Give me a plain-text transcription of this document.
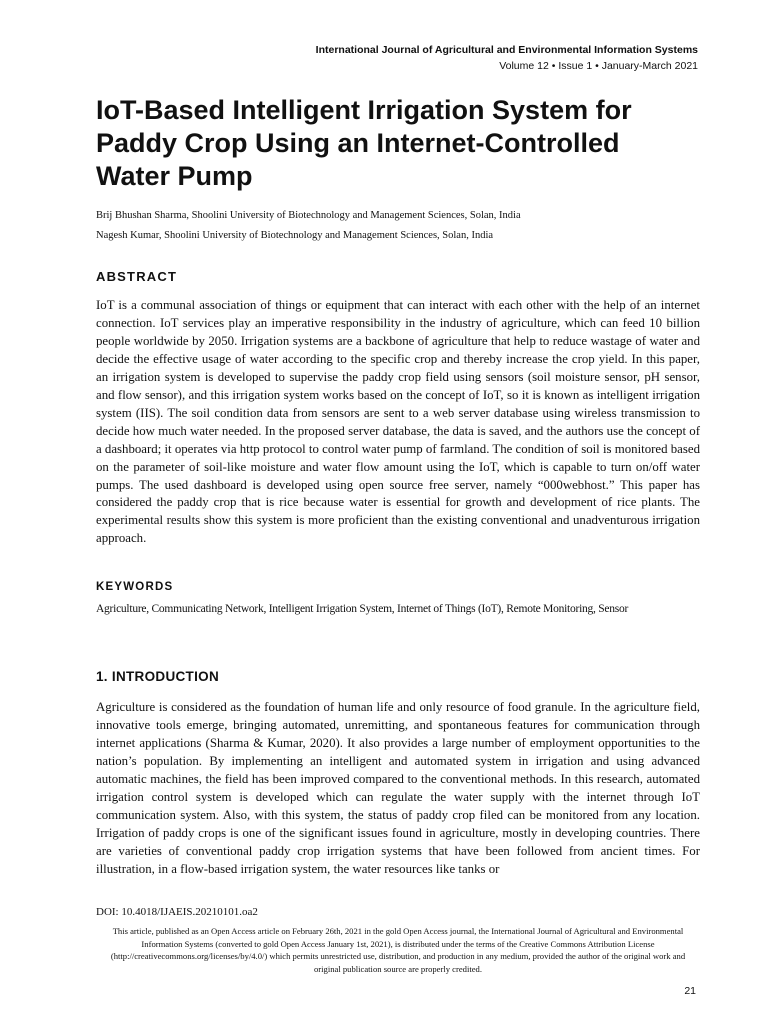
International Journal of Agricultural and Environmental Information Systems
Volume 12 • Issue 1 • January-March 2021
IoT-Based Intelligent Irrigation System for Paddy Crop Using an Internet-Controlled Water Pump
Brij Bhushan Sharma, Shoolini University of Biotechnology and Management Sciences, Solan, India
Nagesh Kumar, Shoolini University of Biotechnology and Management Sciences, Solan, India
ABSTRACT

IoT is a communal association of things or equipment that can interact with each other with the help of an internet connection. IoT services play an imperative responsibility in the industry of agriculture, which can feed 10 billion people worldwide by 2050. Irrigation systems are a backbone of agriculture that help to reduce wastage of water and decide the effective usage of water according to the specific crop and thereby increase the crop yield. In this paper, an irrigation system is developed to supervise the paddy crop field using sensors (soil moisture sensor, pH sensor, and flow sensor), and this irrigation system works based on the concept of IoT, so it is known as intelligent irrigation system (IIS). The soil condition data from sensors are sent to a web server database using wireless transmission to decide how much water needed. In the proposed server database, the data is saved, and the authors use the concept of a dashboard; it operates via http protocol to control water pump of farmland. The condition of soil is monitored based on the parameter of soil-like moisture and water flow amount using the IoT, which is capable to turn on/off water pumps. The used dashboard is developed using open source free server, namely “000webhost.” This paper has considered the paddy crop that is rice because water is essential for growth and development of rice plants. The experimental results show this system is more proficient than the existing conventional and unadventurous irrigation approach.

KEYWORDS

Agriculture, Communicating Network, Intelligent Irrigation System, Internet of Things (IoT), Remote Monitoring, Sensor

1. INTRODUCTION

Agriculture is considered as the foundation of human life and only resource of food granule. In the agriculture field, innovative tools emerge, bringing automated, unremitting, and spontaneous features for communication through internet applications (Sharma & Kumar, 2020). It also provides a large number of employment opportunities to the nation’s population. By implementing an intelligent and automated system in irrigation and using advanced automatic machines, the field has been improved compared to the conventional methods. In this research, automated irrigation control system is developed which can regulate the water supply with the internet through IoT communication system. Also, with this system, the status of paddy crop filed can be monitored from any location. Irrigation of paddy crops is one of the significant issues found in agriculture, mostly in developing countries. There are varieties of conventional paddy crop irrigation systems that have been followed from ancient times. For illustration, in a flow-based irrigation system, the water resources like tanks or

DOI: 10.4018/IJAEIS.20210101.oa2

This article, published as an Open Access article on February 26th, 2021 in the gold Open Access journal, the International Journal of Agricultural and Environmental Information Systems (converted to gold Open Access January 1st, 2021), is distributed under the terms of the Creative Commons Attribution License (http://creativecommons.org/licenses/by/4.0/) which permits unrestricted use, distribution, and production in any medium, provided the author of the original work and original publication source are properly credited.

21
